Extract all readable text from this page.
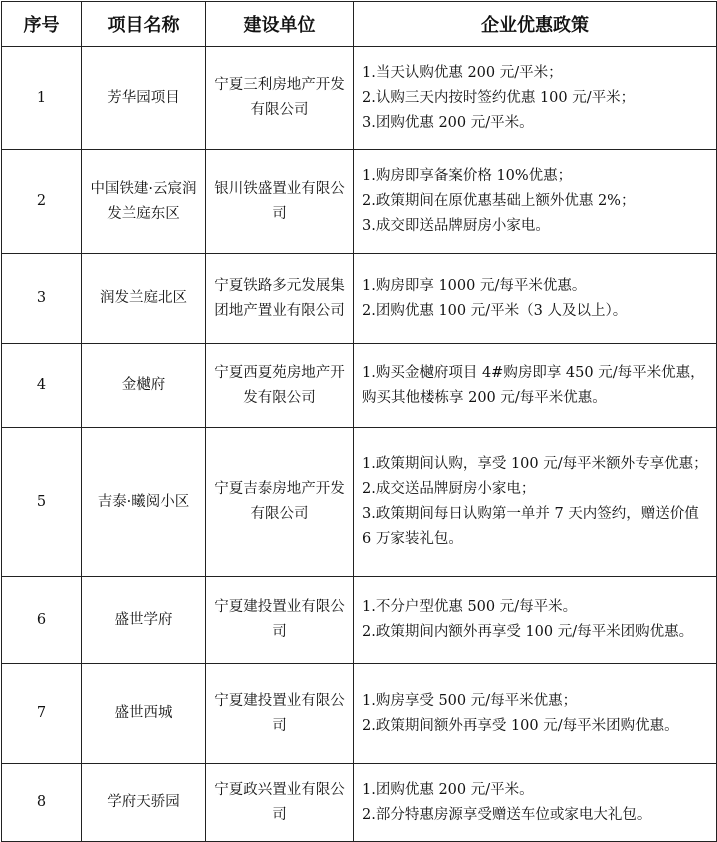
序号	项目名称	建设单位	企业优惠政策
1	芳华园项目	宁夏三利房地产开发有限公司	1.当天认购优惠 200 元/平米；
2.认购三天内按时签约优惠 100 元/平米；
3.团购优惠 200 元/平米。

2	中国铁建·云宸润发兰庭东区	银川铁盛置业有限公司	1.购房即享备案价格 10%优惠；
2.政策期间在原优惠基础上额外优惠 2%；
3.成交即送品牌厨房小家电。

3	润发兰庭北区	宁夏铁路多元发展集团地产置业有限公司	1.购房即享 1000 元/每平米优惠。
2.团购优惠 100 元/平米（3 人及以上）。

4	金樾府	宁夏西夏苑房地产开发有限公司	1.购买金樾府项目 4#购房即享 450 元/每平米优惠，购买其他楼栋享 200 元/每平米优惠。

5	吉泰·曦阅小区	宁夏吉泰房地产开发有限公司	1.政策期间认购，享受 100 元/每平米额外专享优惠；
2.成交送品牌厨房小家电；
3.政策期间每日认购第一单并 7 天内签约，赠送价值 6 万家装礼包。

6	盛世学府	宁夏建投置业有限公司	1.不分户型优惠 500 元/每平米。
2.政策期间内额外再享受 100 元/每平米团购优惠。

7	盛世西城	宁夏建投置业有限公司	1.购房享受 500 元/每平米优惠；
2.政策期间额外再享受 100 元/每平米团购优惠。

8	学府天骄园	宁夏政兴置业有限公司	1.团购优惠 200 元/平米。
2.部分特惠房源享受赠送车位或家电大礼包。
